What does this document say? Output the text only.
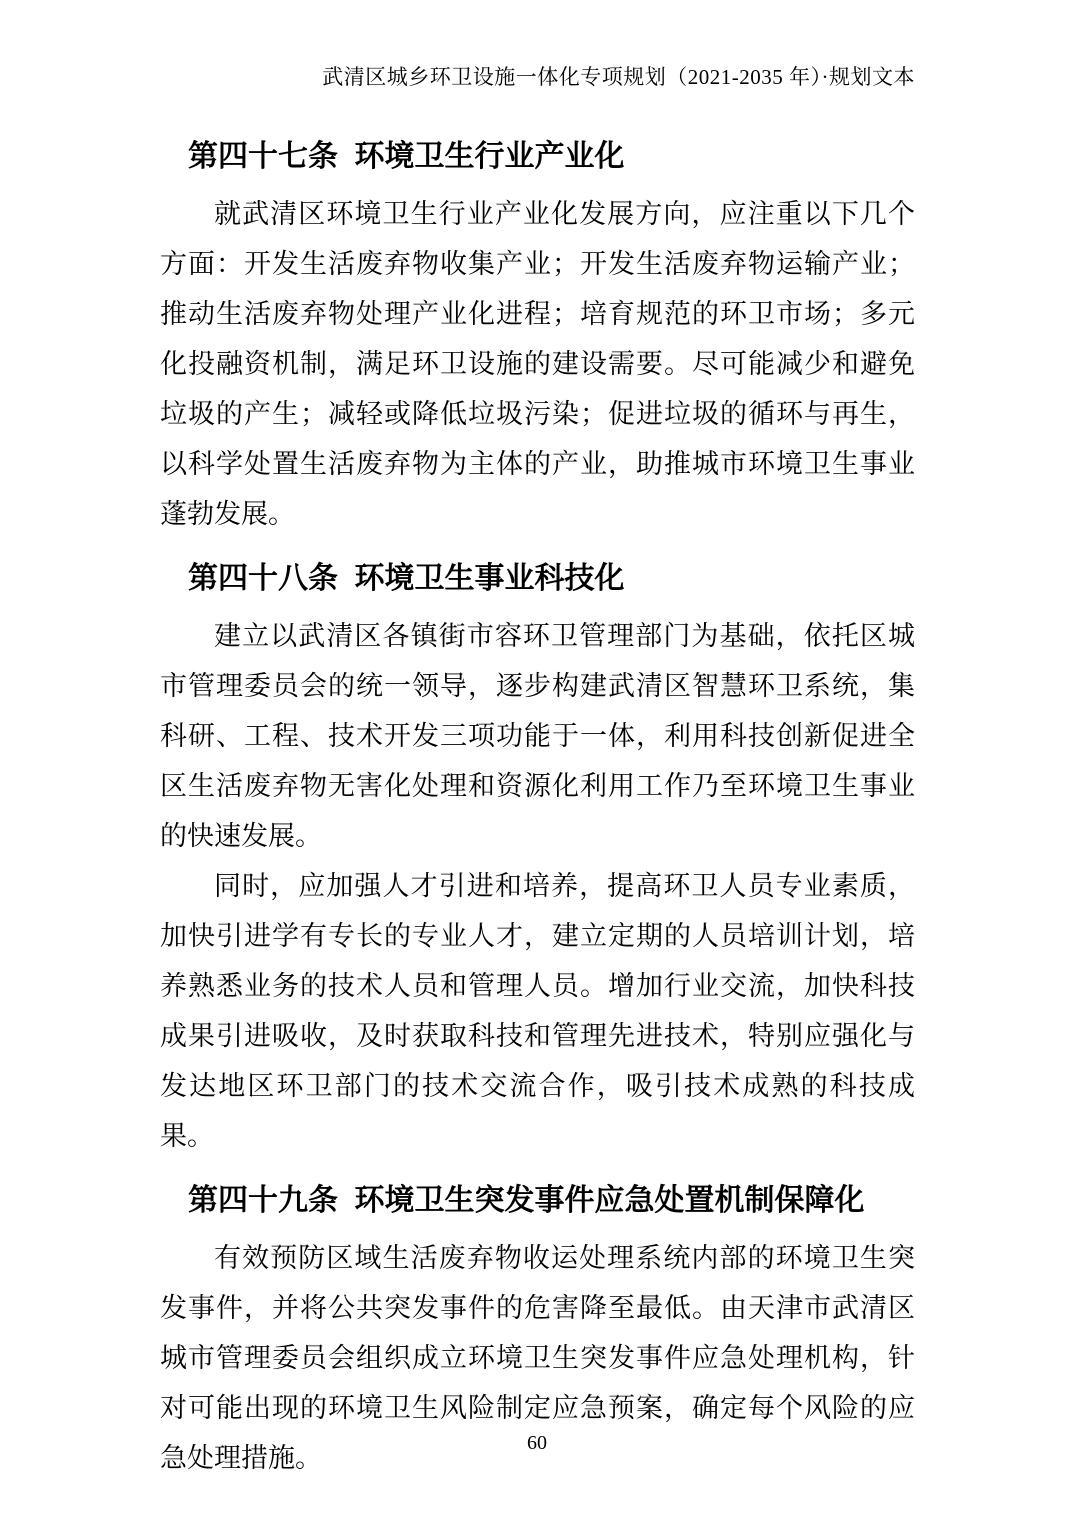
武清区城乡环卫设施一体化专项规划（2021-2035 年）·规划文本
第四十七条 环境卫生行业产业化

就武清区环境卫生行业产业化发展方向，应注重以下几个方面：开发生活废弃物收集产业；开发生活废弃物运输产业；推动生活废弃物处理产业化进程；培育规范的环卫市场；多元化投融资机制，满足环卫设施的建设需要。尽可能减少和避免垃圾的产生；减轻或降低垃圾污染；促进垃圾的循环与再生，以科学处置生活废弃物为主体的产业，助推城市环境卫生事业蓬勃发展。

第四十八条 环境卫生事业科技化

建立以武清区各镇街市容环卫管理部门为基础，依托区城市管理委员会的统一领导，逐步构建武清区智慧环卫系统，集科研、工程、技术开发三项功能于一体，利用科技创新促进全区生活废弃物无害化处理和资源化利用工作乃至环境卫生事业的快速发展。

同时，应加强人才引进和培养，提高环卫人员专业素质，加快引进学有专长的专业人才，建立定期的人员培训计划，培养熟悉业务的技术人员和管理人员。增加行业交流，加快科技成果引进吸收，及时获取科技和管理先进技术，特别应强化与发达地区环卫部门的技术交流合作，吸引技术成熟的科技成果。

第四十九条 环境卫生突发事件应急处置机制保障化

有效预防区域生活废弃物收运处理系统内部的环境卫生突发事件，并将公共突发事件的危害降至最低。由天津市武清区城市管理委员会组织成立环境卫生突发事件应急处理机构，针对可能出现的环境卫生风险制定应急预案，确定每个风险的应急处理措施。	60
